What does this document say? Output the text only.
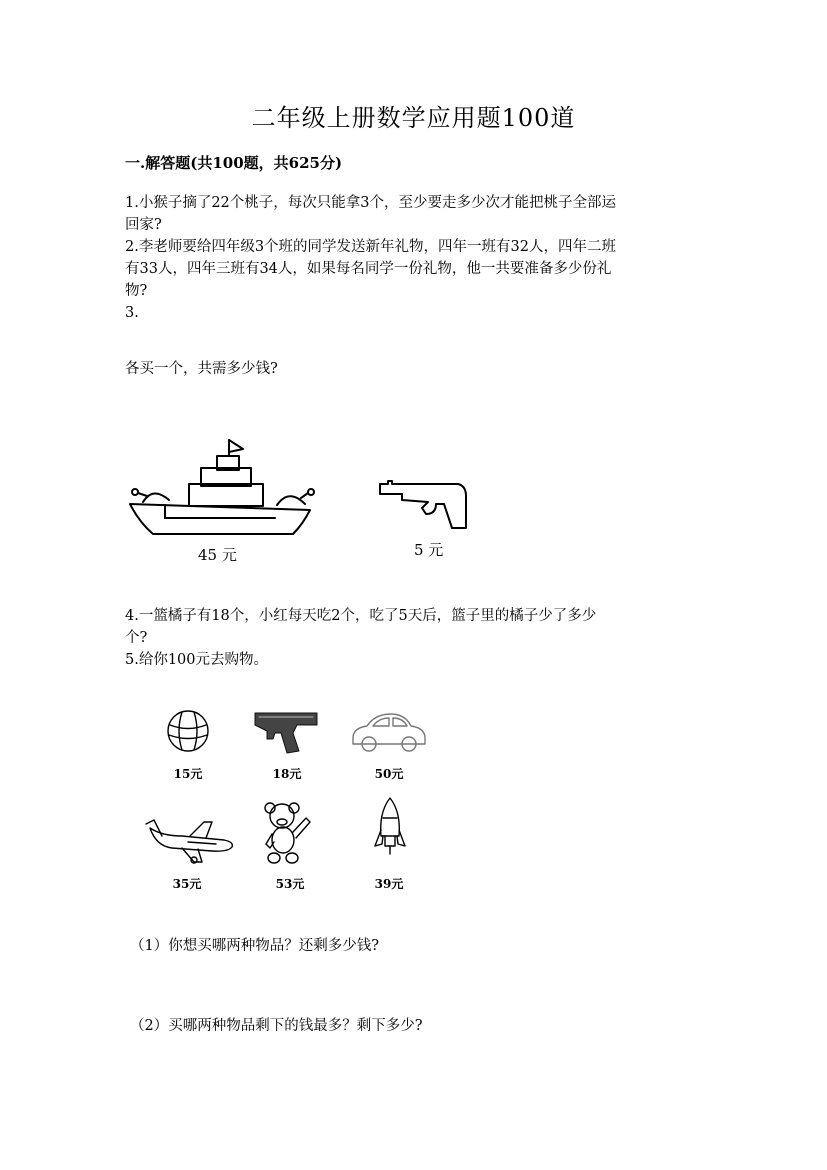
二年级上册数学应用题100道
一.解答题(共100题，共625分)
1.小猴子摘了22个桃子，每次只能拿3个，至少要走多少次才能把桃子全部运
回家?
2.李老师要给四年级3个班的同学发送新年礼物，四年一班有32人，四年二班
有33人，四年三班有34人，如果每名同学一份礼物，他一共要准备多少份礼
物?
3.
各买一个，共需多少钱?
45 元	5 元
4.一篮橘子有18个，小红每天吃2个，吃了5天后，篮子里的橘子少了多少
个?
5.给你100元去购物。
15元	18元	50元
35元	53元	39元
（1）你想买哪两种物品？还剩多少钱?
（2）买哪两种物品剩下的钱最多？剩下多少?
